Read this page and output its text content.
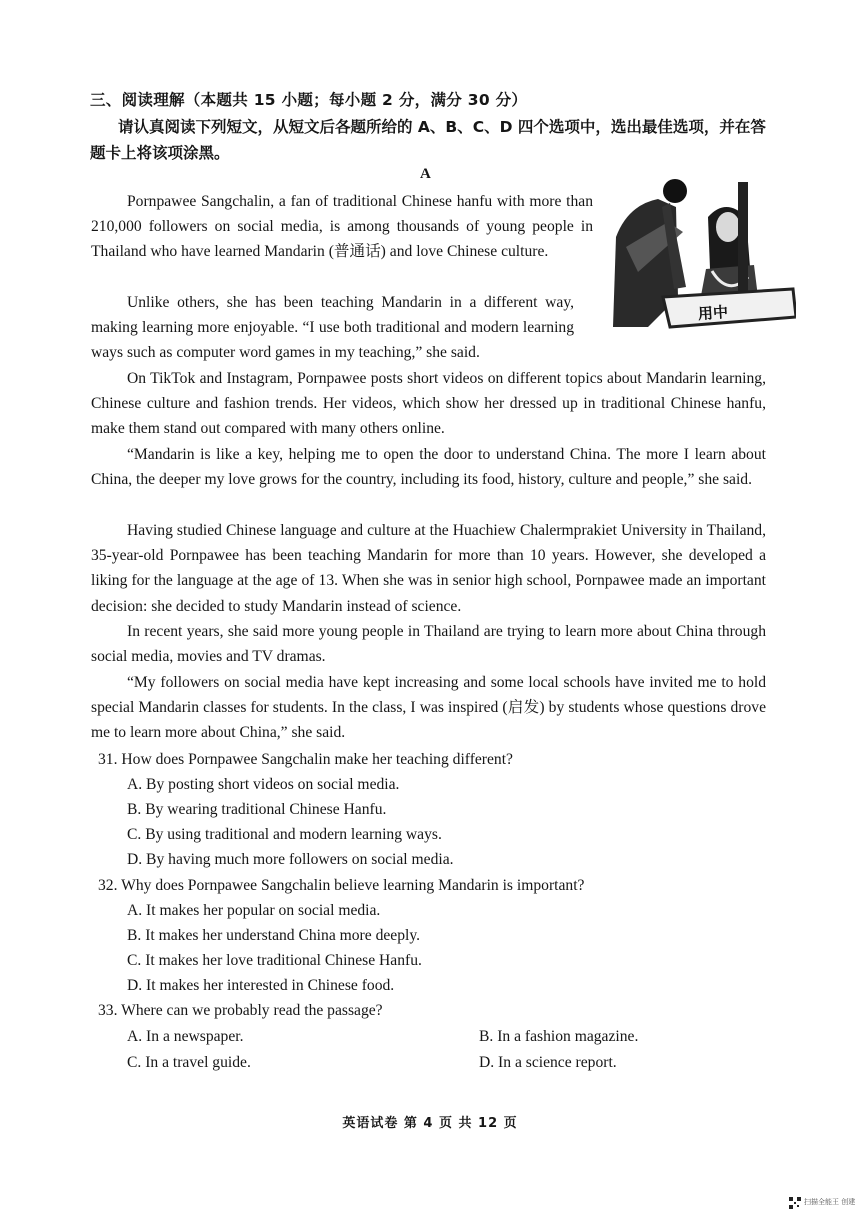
三、阅读理解（本题共 15 小题；每小题 2 分，满分 30 分）
请认真阅读下列短文，从短文后各题所给的 A、B、C、D 四个选项中，选出最佳选项，并在答题卡上将该项涂黑。
A
Pornpawee Sangchalin, a fan of traditional Chinese hanfu with more than 210,000 followers on social media, is among thousands of young people in Thailand who have learned Mandarin (普通话) and love Chinese culture.
用中
Unlike others, she has been teaching Mandarin in a different way, making learning more enjoyable. “I use both traditional and modern learning ways such as computer word games in my teaching,” she said.
On TikTok and Instagram, Pornpawee posts short videos on different topics about Mandarin learning, Chinese culture and fashion trends. Her videos, which show her dressed up in traditional Chinese hanfu, make them stand out compared with many others online.
“Mandarin is like a key, helping me to open the door to understand China. The more I learn about China, the deeper my love grows for the country, including its food, history, culture and people,” she said.
Having studied Chinese language and culture at the Huachiew Chalermprakiet University in Thailand, 35-year-old Pornpawee has been teaching Mandarin for more than 10 years. However, she developed a liking for the language at the age of 13. When she was in senior high school, Pornpawee made an important decision: she decided to study Mandarin instead of science.
In recent years, she said more young people in Thailand are trying to learn more about China through social media, movies and TV dramas.
“My followers on social media have kept increasing and some local schools have invited me to hold special Mandarin classes for students. In the class, I was inspired (启发) by students whose questions drove me to learn more about China,” she said.
31. How does Pornpawee Sangchalin make her teaching different?
A. By posting short videos on social media.
B. By wearing traditional Chinese Hanfu.
C. By using traditional and modern learning ways.
D. By having much more followers on social media.
32. Why does Pornpawee Sangchalin believe learning Mandarin is important?
A. It makes her popular on social media.
B. It makes her understand China more deeply.
C. It makes her love traditional Chinese Hanfu.
D. It makes her interested in Chinese food.
33. Where can we probably read the passage?
A. In a newspaper.	B. In a fashion magazine.
C. In a travel guide.	D. In a science report.
英语试卷 第 4 页 共 12 页
扫描全能王 创建
